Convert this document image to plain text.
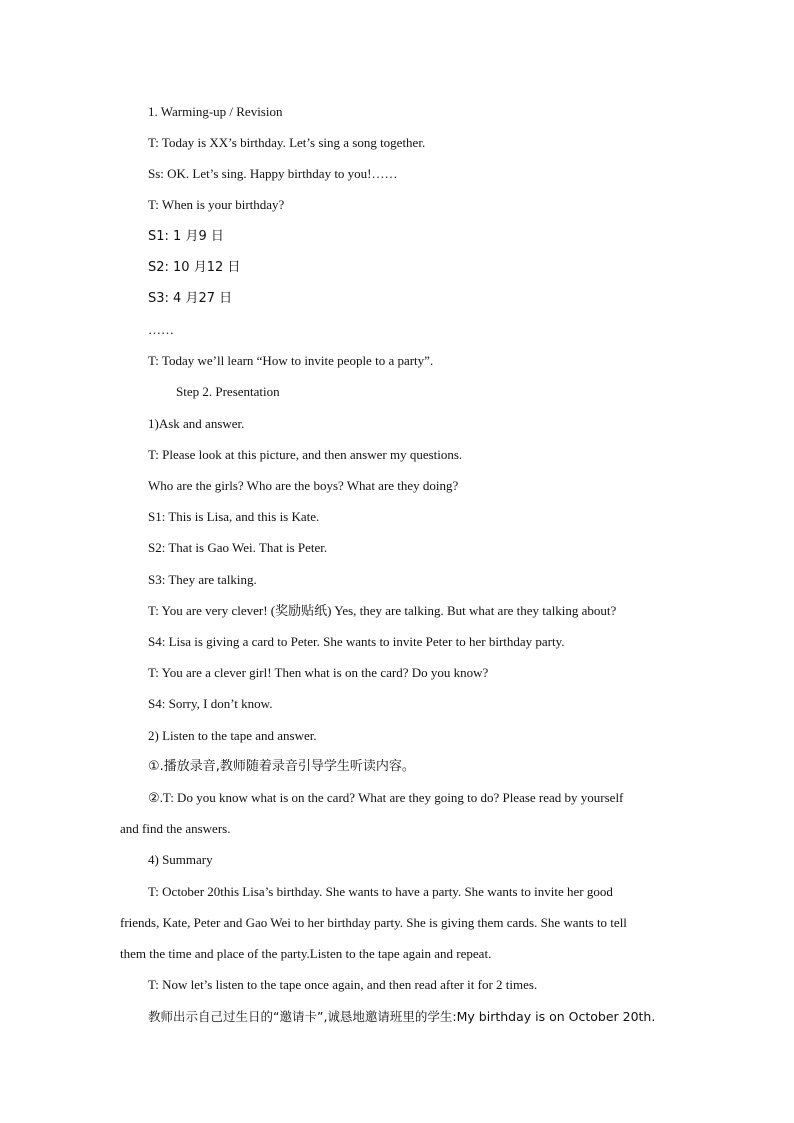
1. Warming-up / Revision
T: Today is XX’s birthday. Let’s sing a song together.
Ss: OK. Let’s sing. Happy birthday to you!……
T: When is your birthday?
S1: 1 月9 日
S2: 10 月12 日
S3: 4 月27 日
……
T: Today we’ll learn “How to invite people to a party”.
Step 2. Presentation
1)Ask and answer.
T: Please look at this picture, and then answer my questions.
Who are the girls? Who are the boys? What are they doing?
S1: This is Lisa, and this is Kate.
S2: That is Gao Wei. That is Peter.
S3: They are talking.
T: You are very clever! (奖励贴纸) Yes, they are talking. But what are they talking about?
S4: Lisa is giving a card to Peter. She wants to invite Peter to her birthday party.
T: You are a clever girl! Then what is on the card? Do you know?
S4: Sorry, I don’t know.
2) Listen to the tape and answer.
①.播放录音,教师随着录音引导学生听读内容。
②.T: Do you know what is on the card? What are they going to do? Please read by yourself
and find the answers.
4) Summary
T: October 20this Lisa’s birthday. She wants to have a party. She wants to invite her good
friends, Kate, Peter and Gao Wei to her birthday party. She is giving them cards. She wants to tell
them the time and place of the party.Listen to the tape again and repeat.
T: Now let’s listen to the tape once again, and then read after it for 2 times.
教师出示自己过生日的“邀请卡”,诚恳地邀请班里的学生:My birthday is on October 20th.
